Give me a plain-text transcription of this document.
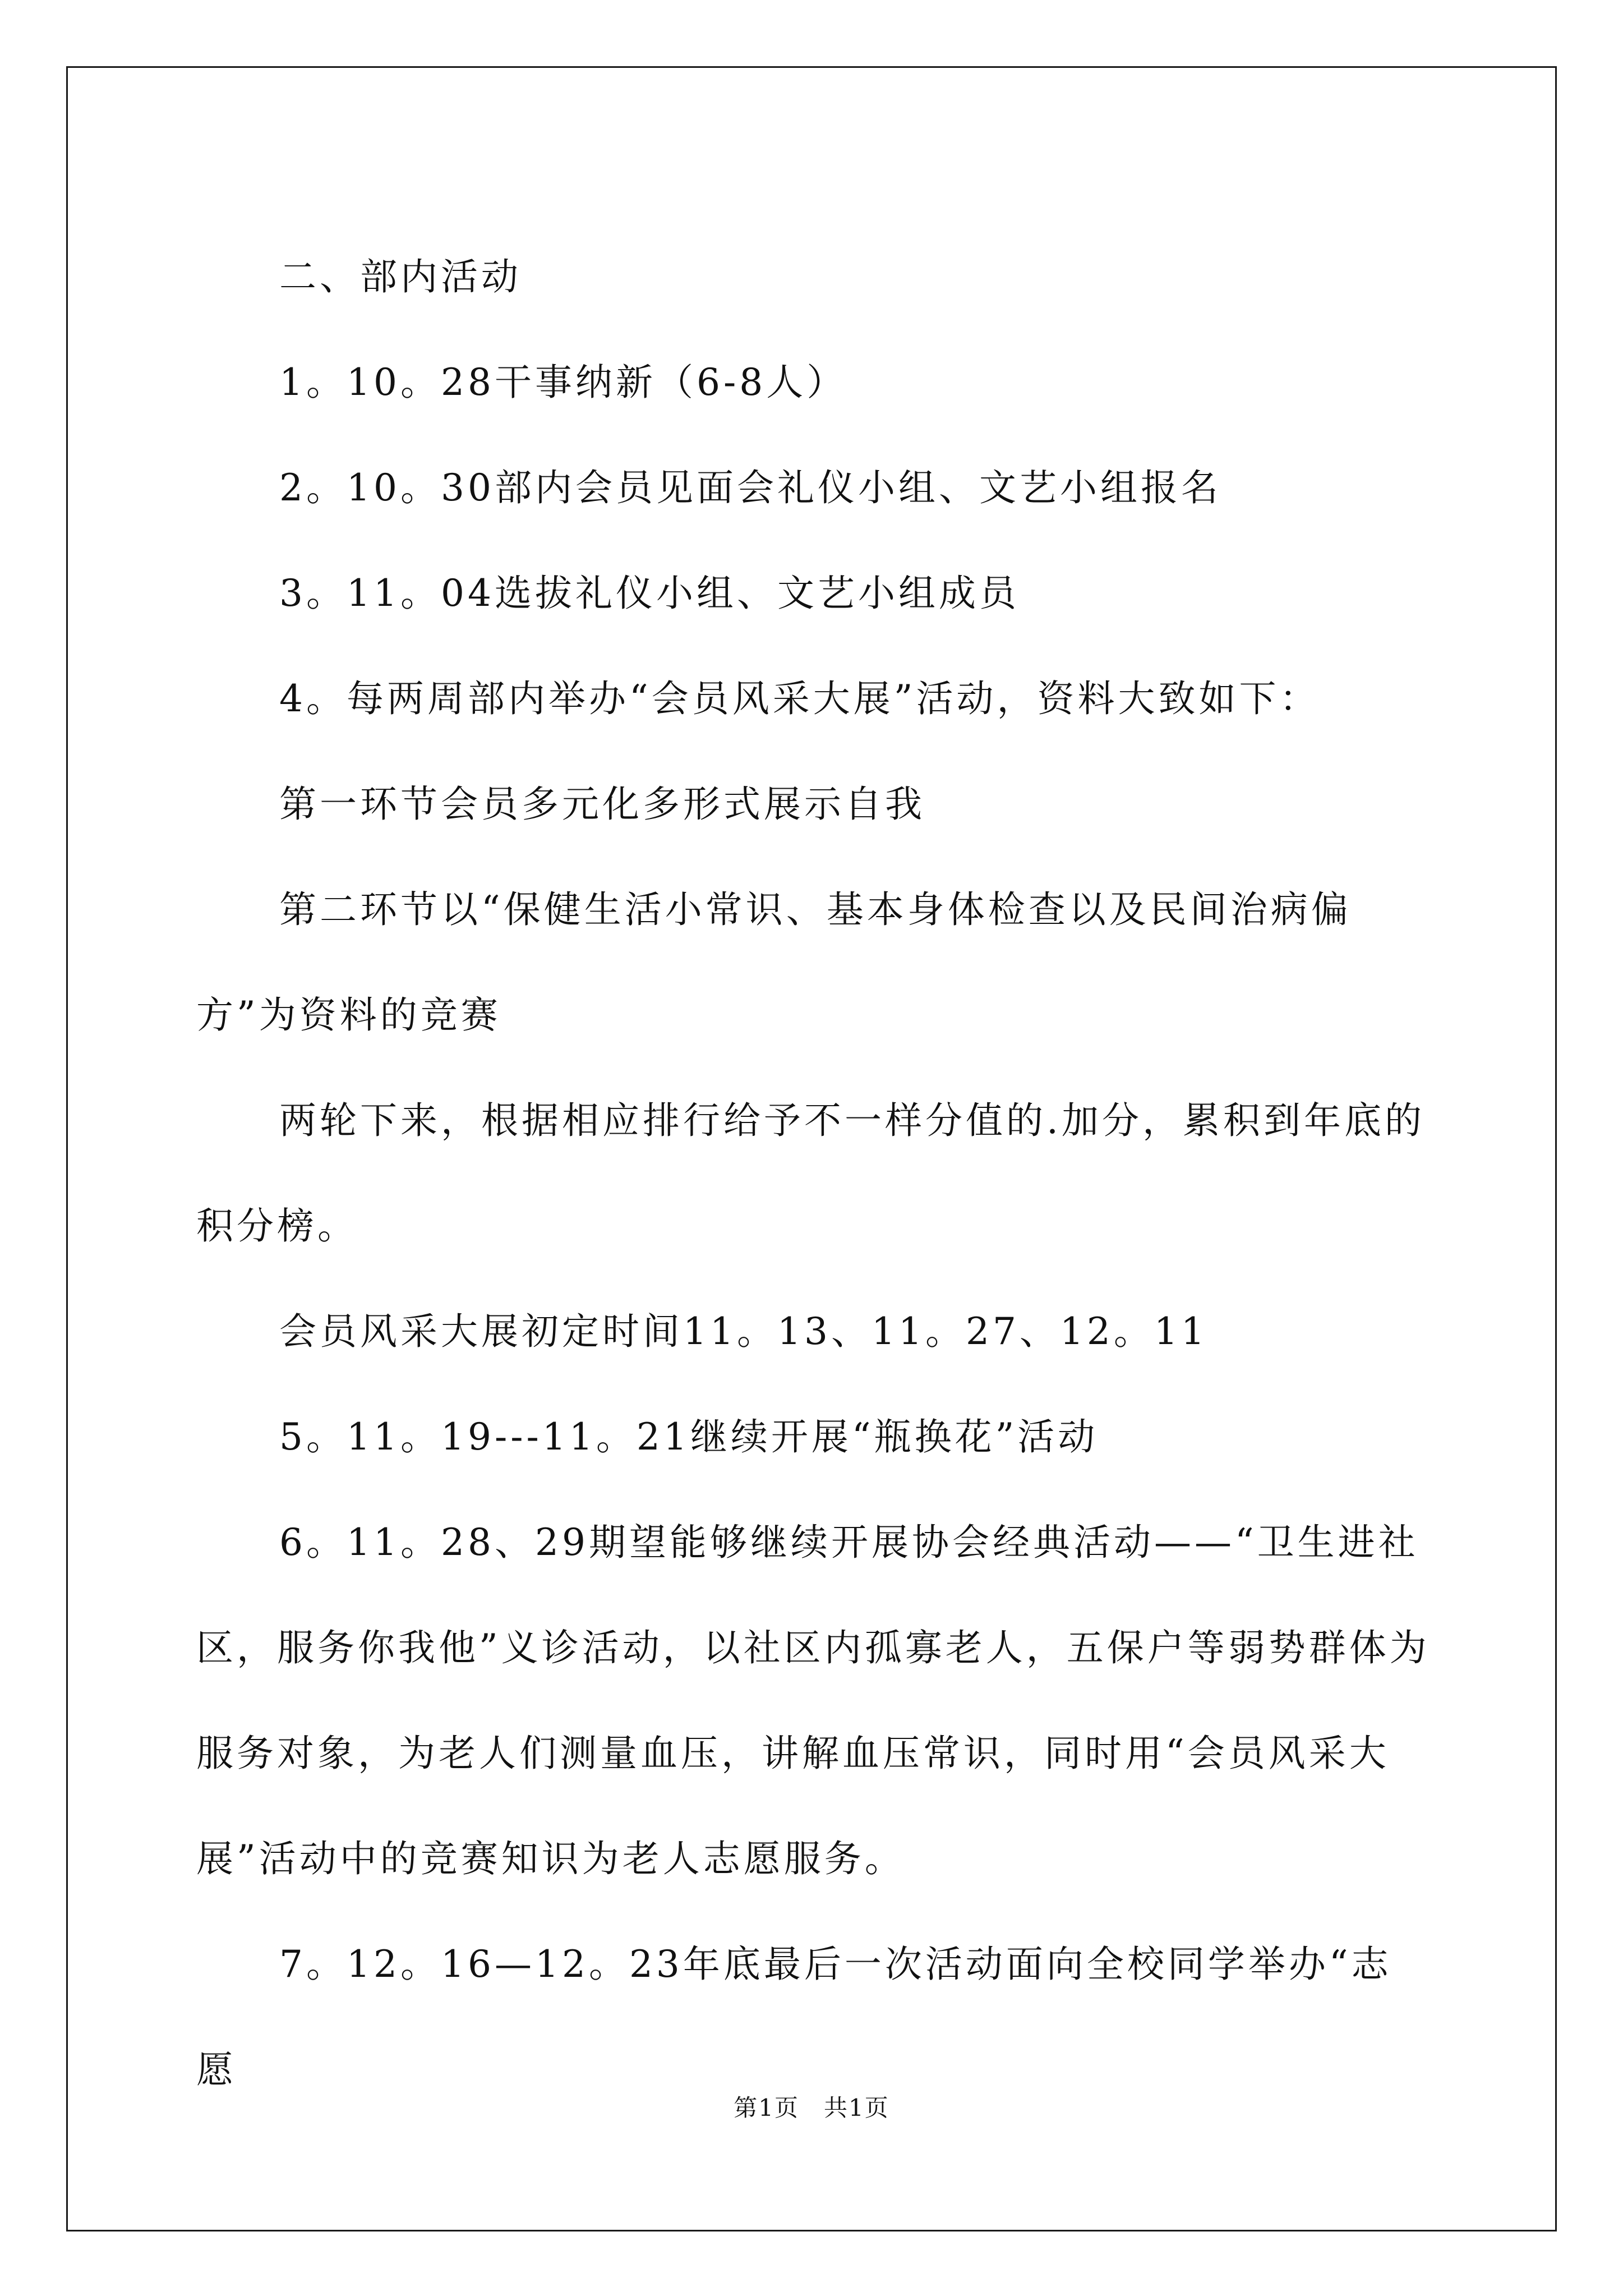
二、部内活动

1。10。28干事纳新（6-8人）

2。10。30部内会员见面会礼仪小组、文艺小组报名

3。11。04选拔礼仪小组、文艺小组成员

4。每两周部内举办“会员风采大展”活动，资料大致如下：

第一环节会员多元化多形式展示自我

第二环节以“保健生活小常识、基本身体检查以及民间治病偏方”为资料的竞赛

两轮下来，根据相应排行给予不一样分值的.加分，累积到年底的积分榜。

会员风采大展初定时间11。13、11。27、12。11

5。11。19---11。21继续开展“瓶换花”活动

6。11。28、29期望能够继续开展协会经典活动——“卫生进社区，服务你我他”义诊活动，以社区内孤寡老人，五保户等弱势群体为服务对象，为老人们测量血压，讲解血压常识，同时用“会员风采大展”活动中的竞赛知识为老人志愿服务。

7。12。16—12。23年底最后一次活动面向全校同学举办“志愿

第1页　共1页
